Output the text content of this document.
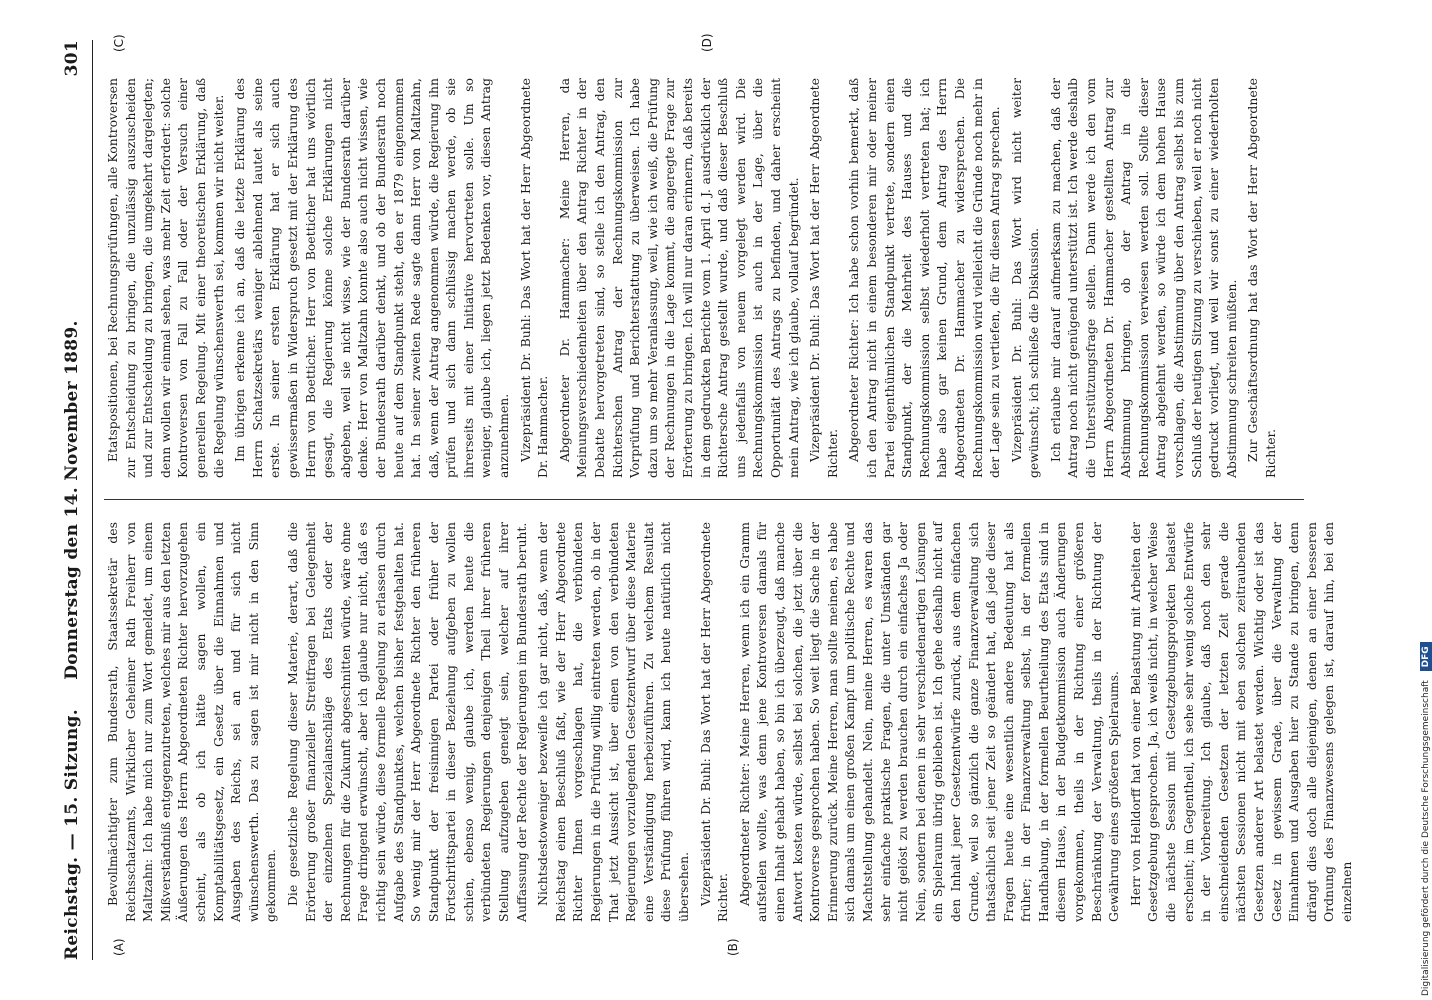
Reichstag. — 15. Sitzung.
Donnerstag den 14. November 1889.
301
(A)	(B)
(C)	(D)

Bevollmächtigter zum Bundesrath, Staatssekretär des Reichsschatzamts, Wirklicher Geheimer Rath Freiherr von Maltzahn: Ich habe mich nur zum Wort gemeldet, um einem Mißverständniß entgegenzutreten, welches mir aus den letzten Äußerungen des Herrn Abgeordneten Richter hervorzugehen scheint, als ob ich hätte sagen wollen, ein Komptabilitätsgesetz, ein Gesetz über die Einnahmen und Ausgaben des Reichs, sei an und für sich nicht wünschenswerth. Das zu sagen ist mir nicht in den Sinn gekommen. Die gesetzliche Regelung dieser Materie, derart, daß die Erörterung großer finanzieller Streitfragen bei Gelegenheit der einzelnen Spezialanschläge des Etats oder der Rechnungen für die Zukunft abgeschnitten würde, wäre ohne Frage dringend erwünscht, aber ich glaube nur nicht, daß es richtig sein würde, diese formelle Regelung zu erlassen durch Aufgabe des Standpunktes, welchen bisher festgehalten hat. So wenig mir der Herr Abgeordnete Richter den früheren Standpunkt der freisinnigen Partei oder früher der Fortschrittspartei in dieser Beziehung aufgeben zu wollen schien, ebenso wenig, glaube ich, werden heute die verbündeten Regierungen denjenigen Theil ihrer früheren Stellung aufzugeben geneigt sein, welcher auf ihrer Auffassung der Rechte der Regierungen im Bundesrath beruht. Nichtsdestoweniger bezweifle ich gar nicht, daß, wenn der Reichstag einen Beschluß faßt, wie der Herr Abgeordnete Richter Ihnen vorgeschlagen hat, die verbündeten Regierungen in die Prüfung willig eintreten werden, ob in der That jetzt Aussicht ist, über einen von den verbündeten Regierungen vorzulegenden Gesetzentwurf über diese Materie eine Verständigung herbeizuführen. Zu welchem Resultat diese Prüfung führen wird, kann ich heute natürlich nicht übersehen. Vizepräsident Dr. Buhl: Das Wort hat der Herr Abgeordnete Richter. Abgeordneter Richter: Meine Herren, wenn ich ein Gramm aufstellen wollte, was denn jene Kontroversen damals für einen Inhalt gehabt haben, so bin ich überzeugt, daß manche Antwort kosten würde, selbst bei solchen, die jetzt über die Kontroverse gesprochen haben. So weit liegt die Sache in der Erinnerung zurück. Meine Herren, man sollte meinen, es habe sich damals um einen großen Kampf um politische Rechte und Machtstellung gehandelt. Nein, meine Herren, es waren das sehr einfache praktische Fragen, die unter Umständen gar nicht gelöst zu werden brauchen durch ein einfaches Ja oder Nein, sondern bei denen in sehr verschiedenartigen Lösungen ein Spielraum übrig geblieben ist. Ich gehe deshalb nicht auf den Inhalt jener Gesetzentwürfe zurück, aus dem einfachen Grunde, weil so gänzlich die ganze Finanzverwaltung sich thatsächlich seit jener Zeit so geändert hat, daß jede dieser Fragen heute eine wesentlich andere Bedeutung hat als früher; in der Finanzverwaltung selbst, in der formellen Handhabung, in der formellen Beurtheilung des Etats sind in diesem Hause, in der Budgetkommission auch Änderungen vorgekommen, theils in der Richtung einer größeren Beschränkung der Verwaltung, theils in der Richtung der Gewährung eines größeren Spielraums. Herr von Helldorff hat von einer Belastung mit Arbeiten der Gesetzgebung gesprochen. Ja, ich weiß nicht, in welcher Weise die nächste Session mit Gesetzgebungsprojekten belastet erscheint; im Gegentheil, ich sehe sehr wenig solche Entwürfe in der Vorbereitung. Ich glaube, daß noch den sehr einschneidenden Gesetzen der letzten Zeit gerade die nächsten Sessionen nicht mit eben solchen zeitraubenden Gesetzen anderer Art belastet werden. Wichtig oder ist das Gesetz in gewissem Grade, über die Verwaltung der Einnahmen und Ausgaben hier zu Stande zu bringen, denn drängt dies doch alle diejenigen, denen an einer besseren Ordnung des Finanzwesens gelegen ist, darauf hin, bei den einzelnen

Etatspositionen, bei Rechnungsprüfungen, alle Kontroversen zur Entscheidung zu bringen, die unzulässig auszuscheiden und zur Entscheidung zu bringen, die umgekehrt dargelegten; denn wollen wir einmal sehen, was mehr Zeit erfordert: solche Kontroversen von Fall zu Fall oder der Versuch einer generellen Regelung. Mit einer theoretischen Erklärung, daß die Regelung wünschenswerth sei, kommen wir nicht weiter. Im übrigen erkenne ich an, daß die letzte Erklärung des Herrn Schatzsekretärs weniger ablehnend lautet als seine erste. In seiner ersten Erklärung hat er sich auch gewissermaßen in Widerspruch gesetzt mit der Erklärung des Herrn von Boetticher. Herr von Boetticher hat uns wörtlich gesagt, die Regierung könne solche Erklärungen nicht abgeben, weil sie nicht wisse, wie der Bundesrath darüber denke. Herr von Maltzahn konnte also auch nicht wissen, wie der Bundesrath darüber denkt, und ob der Bundesrath noch heute auf dem Standpunkt steht, den er 1879 eingenommen hat. In seiner zweiten Rede sagte dann Herr von Maltzahn, daß, wenn der Antrag angenommen würde, die Regierung ihn prüfen und sich dann schlüssig machen werde, ob sie ihrerseits mit einer Initiative hervortreten solle. Um so weniger, glaube ich, liegen jetzt Bedenken vor, diesen Antrag anzunehmen. Vizepräsident Dr. Buhl: Das Wort hat der Herr Abgeordnete Dr. Hammacher. Abgeordneter Dr. Hammacher: Meine Herren, da Meinungsverschiedenheiten über den Antrag Richter in der Debatte hervorgetreten sind, so stelle ich den Antrag, den Richterschen Antrag der Rechnungskommission zur Vorprüfung und Berichterstattung zu überweisen. Ich habe dazu um so mehr Veranlassung, weil, wie ich weiß, die Prüfung der Rechnungen in die Lage kommt, die angeregte Frage zur Erörterung zu bringen. Ich will nur daran erinnern, daß bereits in dem gedruckten Berichte vom 1. April d. J. ausdrücklich der Richtersche Antrag gestellt wurde, und daß dieser Beschluß uns jedenfalls von neuem vorgelegt werden wird. Die Rechnungskommission ist auch in der Lage, über die Opportunität des Antrags zu befinden, und daher erscheint mein Antrag, wie ich glaube, vollauf begründet. Vizepräsident Dr. Buhl: Das Wort hat der Herr Abgeordnete Richter. Abgeordneter Richter: Ich habe schon vorhin bemerkt, daß ich den Antrag nicht in einem besonderen mir oder meiner Partei eigenthümlichen Standpunkt vertrete, sondern einen Standpunkt, der die Mehrheit des Hauses und die Rechnungskommission selbst wiederholt vertreten hat; ich habe also gar keinen Grund, dem Antrag des Herrn Abgeordneten Dr. Hammacher zu widersprechen. Die Rechnungskommission wird vielleicht die Gründe noch mehr in der Lage sein zu vertiefen, die für diesen Antrag sprechen. Vizepräsident Dr. Buhl: Das Wort wird nicht weiter gewünscht; ich schließe die Diskussion. Ich erlaube mir darauf aufmerksam zu machen, daß der Antrag noch nicht genügend unterstützt ist. Ich werde deshalb die Unterstützungsfrage stellen. Dann werde ich den vom Herrn Abgeordneten Dr. Hammacher gestellten Antrag zur Abstimmung bringen, ob der Antrag in die Rechnungskommission verwiesen werden soll. Sollte dieser Antrag abgelehnt werden, so würde ich dem hohen Hause vorschlagen, die Abstimmung über den Antrag selbst bis zum Schluß der heutigen Sitzung zu verschieben, weil er noch nicht gedruckt vorliegt, und weil wir sonst zu einer wiederholten Abstimmung schreiten müßten. Zur Geschäftsordnung hat das Wort der Herr Abgeordnete Richter.

Digitalisierung gefördert durch die Deutsche Forschungsgemeinschaft DFG
